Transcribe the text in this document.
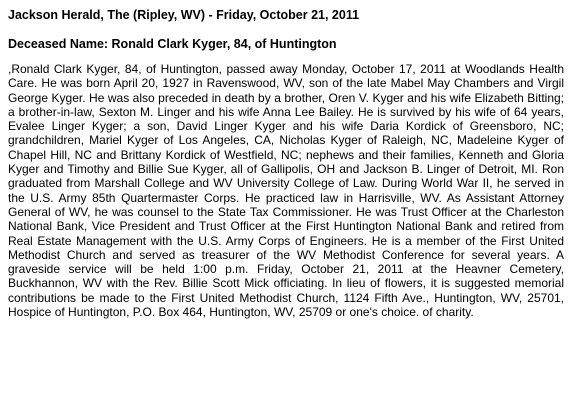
Jackson Herald, The (Ripley, WV) - Friday, October 21, 2011
Deceased Name: Ronald Clark Kyger, 84, of Huntington

,Ronald Clark Kyger, 84, of Huntington, passed away Monday, October 17, 2011 at Woodlands Health Care. He was born April 20, 1927 in Ravenswood, WV, son of the late Mabel May Chambers and Virgil George Kyger. He was also preceded in death by a brother, Oren V. Kyger and his wife Elizabeth Bitting; a brother-in-law, Sexton M. Linger and his wife Anna Lee Bailey. He is survived by his wife of 64 years, Evalee Linger Kyger; a son, David Linger Kyger and his wife Daria Kordick of Greensboro, NC; grandchildren, Mariel Kyger of Los Angeles, CA, Nicholas Kyger of Raleigh, NC, Madeleine Kyger of Chapel Hill, NC and Brittany Kordick of Westfield, NC; nephews and their families, Kenneth and Gloria Kyger and Timothy and Billie Sue Kyger, all of Gallipolis, OH and Jackson B. Linger of Detroit, MI. Ron graduated from Marshall College and WV University College of Law. During World War II, he served in the U.S. Army 85th Quartermaster Corps. He practiced law in Harrisville, WV. As Assistant Attorney General of WV, he was counsel to the State Tax Commissioner. He was Trust Officer at the Charleston National Bank, Vice President and Trust Officer at the First Huntington National Bank and retired from Real Estate Management with the U.S. Army Corps of Engineers. He is a member of the First United Methodist Church and served as treasurer of the WV Methodist Conference for several years. A graveside service will be held 1:00 p.m. Friday, October 21, 2011 at the Heavner Cemetery, Buckhannon, WV with the Rev. Billie Scott Mick officiating. In lieu of flowers, it is suggested memorial contributions be made to the First United Methodist Church, 1124 Fifth Ave., Huntington, WV, 25701, Hospice of Huntington, P.O. Box 464, Huntington, WV, 25709 or one's choice. of charity.
